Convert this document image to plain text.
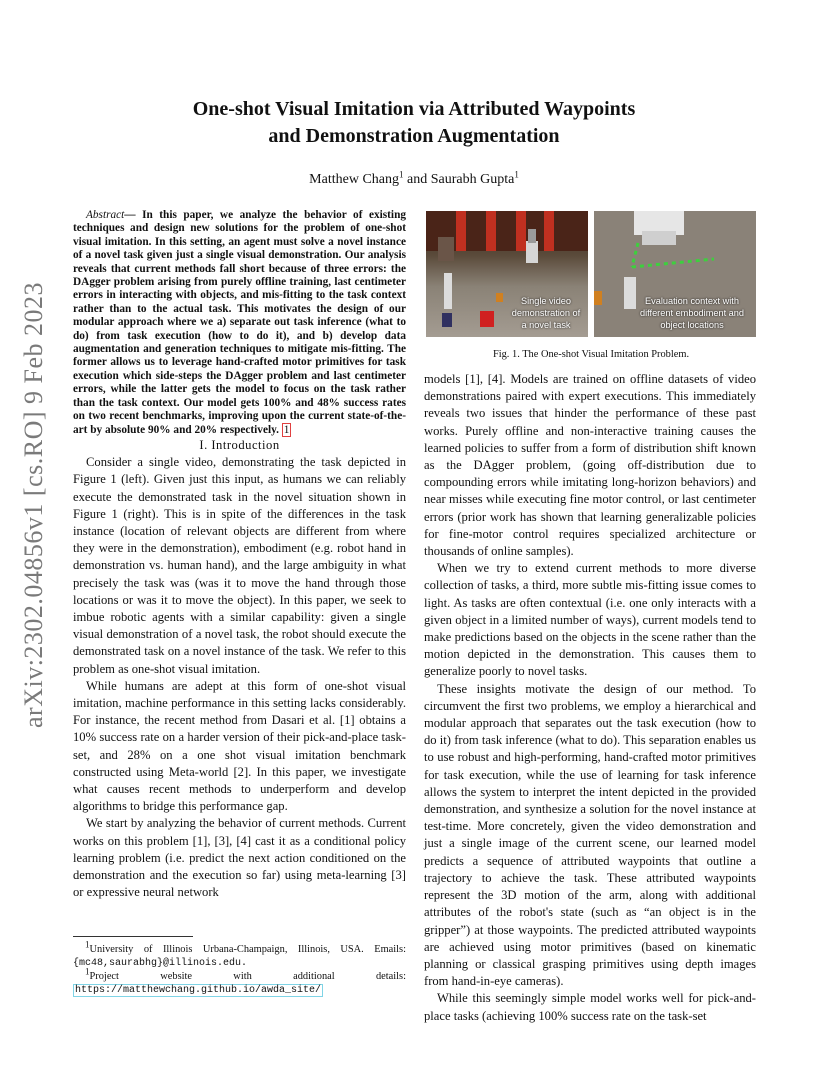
arXiv:2302.04856v1 [cs.RO] 9 Feb 2023
One-shot Visual Imitation via Attributed Waypoints
and Demonstration Augmentation
Matthew Chang$^1$ and Saurabh Gupta$^1$

Abstract— In this paper, we analyze the behavior of existing techniques and design new solutions for the problem of one-shot visual imitation. In this setting, an agent must solve a novel instance of a novel task given just a single visual demonstration. Our analysis reveals that current methods fall short because of three errors: the DAgger problem arising from purely offline training, last centimeter errors in interacting with objects, and mis-fitting to the task context rather than to the actual task. This motivates the design of our modular approach where we a) separate out task inference (what to do) from task execution (how to do it), and b) develop data augmentation and generation techniques to mitigate mis-fitting. The former allows us to leverage hand-crafted motor primitives for task execution which side-steps the DAgger problem and last centimeter errors, while the latter gets the model to focus on the task rather than the task context. Our model gets 100% and 48% success rates on two recent benchmarks, improving upon the current state-of-the-art by absolute 90% and 20% respectively. 1

I. Introduction

Consider a single video, demonstrating the task depicted in Figure 1 (left). Given just this input, as humans we can reliably execute the demonstrated task in the novel situation shown in Figure 1 (right). This is in spite of the differences in the task instance (location of relevant objects are different from where they were in the demonstration), embodiment (e.g. robot hand in demonstration vs. human hand), and the large ambiguity in what precisely the task was (was it to move the hand through those locations or was it to move the object). In this paper, we seek to imbue robotic agents with a similar capability: given a single visual demonstration of a novel task, the robot should execute the demonstrated task on a novel instance of the task. We refer to this problem as one-shot visual imitation.

While humans are adept at this form of one-shot visual imitation, machine performance in this setting lacks considerably. For instance, the recent method from Dasari et al. [1] obtains a 10% success rate on a harder version of their pick-and-place task-set, and 28% on a one shot visual imitation benchmark constructed using Meta-world [2]. In this paper, we investigate what causes recent methods to underperform and develop algorithms to bridge this performance gap.

We start by analyzing the behavior of current methods. Current works on this problem [1], [3], [4] cast it as a conditional policy learning problem (i.e. predict the next action conditioned on the demonstration and the execution so far) using meta-learning [3] or expressive neural network

$^1$University of Illinois Urbana-Champaign, Illinois, USA. Emails: {mc48,saurabhg}@illinois.edu.

$^1$Project website with additional details: https://matthewchang.github.io/awda_site/

Single video demonstration of a novel task
Evaluation context with different embodiment and object locations
Fig. 1. The One-shot Visual Imitation Problem.

models [1], [4]. Models are trained on offline datasets of video demonstrations paired with expert executions. This immediately reveals two issues that hinder the performance of these past works. Purely offline and non-interactive training causes the learned policies to suffer from a form of distribution shift known as the DAgger problem, (going off-distribution due to compounding errors while imitating long-horizon behaviors) and near misses while executing fine motor control, or last centimeter errors (prior work has shown that learning generalizable policies for fine-motor control requires specialized architecture or thousands of online samples).

When we try to extend current methods to more diverse collection of tasks, a third, more subtle mis-fitting issue comes to light. As tasks are often contextual (i.e. one only interacts with a given object in a limited number of ways), current models tend to make predictions based on the objects in the scene rather than the motion depicted in the demonstration. This causes them to generalize poorly to novel tasks.

These insights motivate the design of our method. To circumvent the first two problems, we employ a hierarchical and modular approach that separates out the task execution (how to do it) from task inference (what to do). This separation enables us to use robust and high-performing, hand-crafted motor primitives for task execution, while the use of learning for task inference allows the system to interpret the intent depicted in the provided demonstration, and synthesize a solution for the novel instance at test-time. More concretely, given the video demonstration and just a single image of the current scene, our learned model predicts a sequence of attributed waypoints that outline a trajectory to achieve the task. These attributed waypoints represent the 3D motion of the arm, along with additional attributes of the robot's state (such as “an object is in the gripper”) at those waypoints. The predicted attributed waypoints are achieved using motor primitives (based on kinematic planning or classical grasping primitives using depth images from hand-in-eye cameras).

While this seemingly simple model works well for pick-and-place tasks (achieving 100% success rate on the task-set
